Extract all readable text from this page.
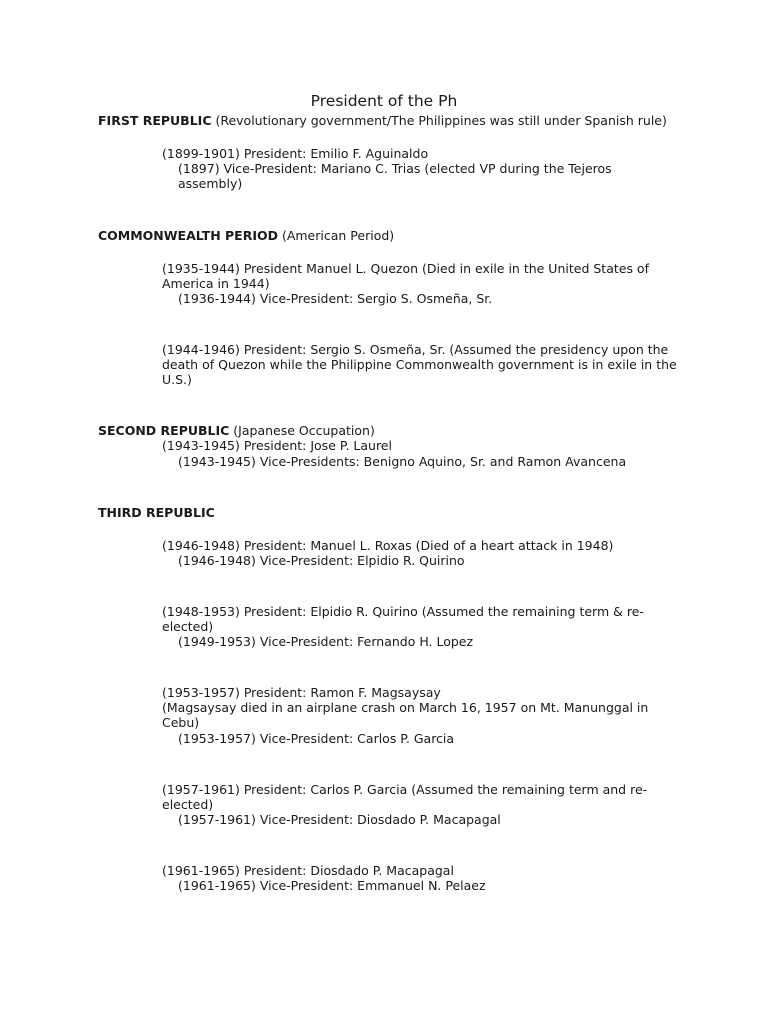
President of the Ph
FIRST REPUBLIC (Revolutionary government/The Philippines was still under Spanish rule)
(1899-1901) President: Emilio F. Aguinaldo
(1897) Vice-President: Mariano C. Trias (elected VP during the Tejeros assembly)
COMMONWEALTH PERIOD (American Period)
(1935-1944) President Manuel L. Quezon (Died in exile in the United States of America in 1944)
(1936-1944) Vice-President: Sergio S. Osmeña, Sr.
(1944-1946) President: Sergio S. Osmeña, Sr. (Assumed the presidency upon the death of Quezon while the Philippine Commonwealth government is in exile in the U.S.)
SECOND REPUBLIC (Japanese Occupation)
(1943-1945) President: Jose P. Laurel
(1943-1945) Vice-Presidents: Benigno Aquino, Sr. and Ramon Avancena
THIRD REPUBLIC
(1946-1948) President: Manuel L. Roxas (Died of a heart attack in 1948)
(1946-1948) Vice-President: Elpidio R. Quirino
(1948-1953) President: Elpidio R. Quirino (Assumed the remaining term & re-elected)
(1949-1953) Vice-President: Fernando H. Lopez
(1953-1957) President: Ramon F. Magsaysay
(Magsaysay died in an airplane crash on March 16, 1957 on Mt. Manunggal in Cebu)
(1953-1957) Vice-President: Carlos P. Garcia
(1957-1961) President: Carlos P. Garcia (Assumed the remaining term and re-elected)
(1957-1961) Vice-President: Diosdado P. Macapagal
(1961-1965) President: Diosdado P. Macapagal
(1961-1965) Vice-President: Emmanuel N. Pelaez
